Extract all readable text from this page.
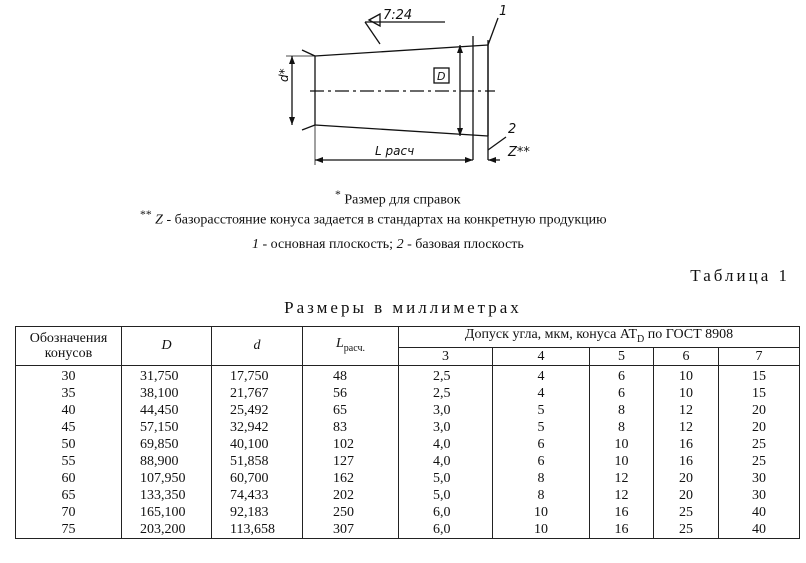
7:24	1
2
Z**
d*	D
L расч
* Размер для справок
** Z - базорасстояние конуса задается в стандартах на конкретную продукцию
1 - основная плоскость; 2 - базовая плоскость
Таблица 1
Размеры в миллиметрах
Обозначения конусов	D	d	$L_{расч.}$	Допуск угла, мкм, конуса $AT_D$ по ГОСТ 8908				
				3	4	5	6	7
30	31,750	17,750	48	2,5	4	6	10	15
35	38,100	21,767	56	2,5	4	6	10	15
40	44,450	25,492	65	3,0	5	8	12	20
45	57,150	32,942	83	3,0	5	8	12	20
50	69,850	40,100	102	4,0	6	10	16	25
55	88,900	51,858	127	4,0	6	10	16	25
60	107,950	60,700	162	5,0	8	12	20	30
65	133,350	74,433	202	5,0	8	12	20	30
70	165,100	92,183	250	6,0	10	16	25	40
75	203,200	113,658	307	6,0	10	16	25	40
